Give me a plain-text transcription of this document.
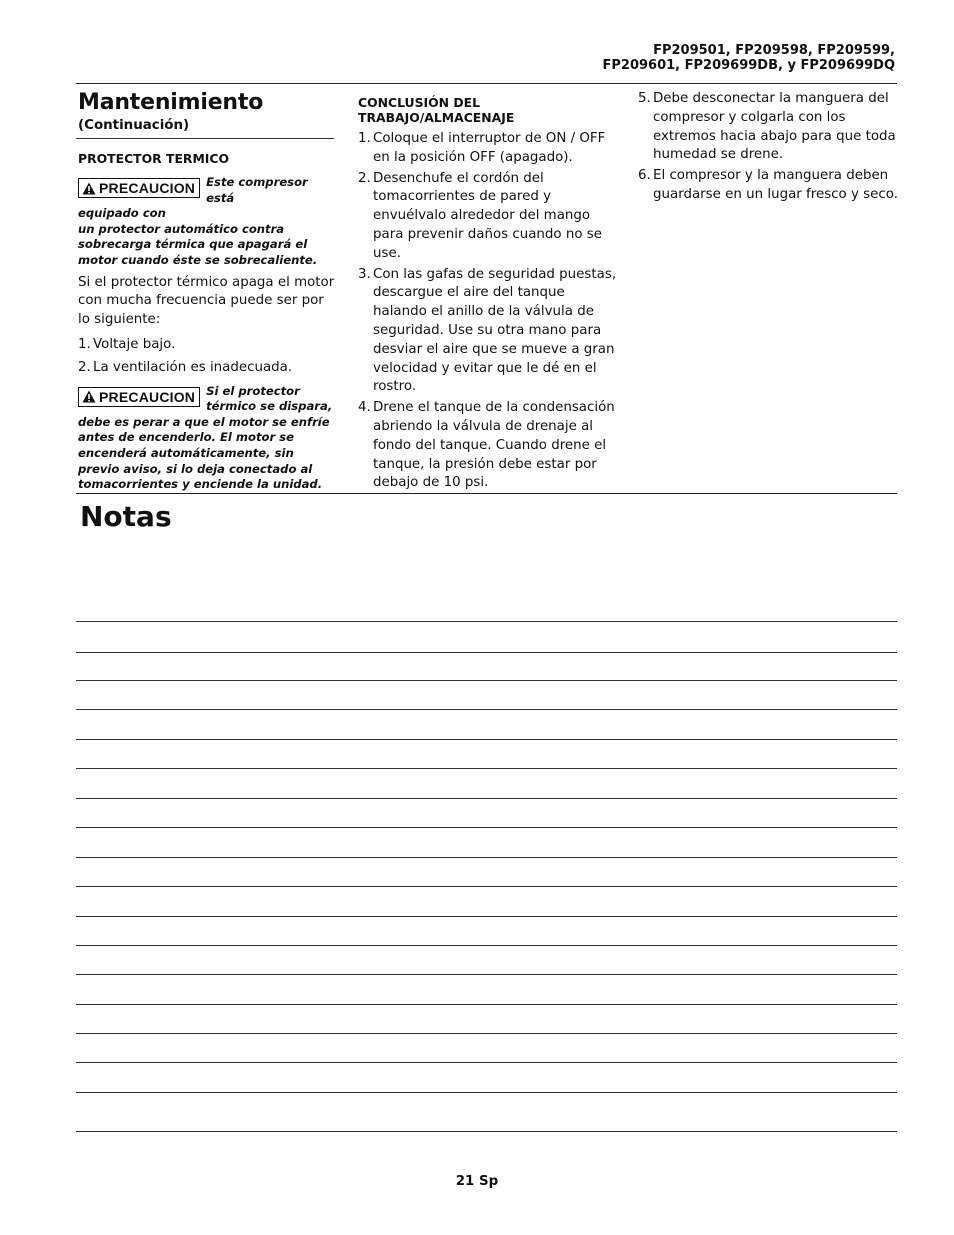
FP209501, FP209598, FP209599,
FP209601, FP209699DB, y FP209699DQ
Mantenimiento

(Continuación)

PROTECTOR TERMICO

PRECAUCION Este compresor está
equipado con
un protector automático contra sobrecarga térmica que apagará el motor cuando éste se sobrecaliente.

Si el protector térmico apaga el motor con mucha frecuencia puede ser por lo siguiente:

1. Voltaje bajo.
2. La ventilación es inadecuada.
PRECAUCION Si el protector
térmico se dispara,
debe es perar a que el motor se enfríe antes de encenderlo. El motor se encenderá automáticamente, sin previo aviso, si lo deja conectado al tomacorrientes y enciende la unidad.

CONCLUSIÓN DEL

TRABAJO/ALMACENAJE

1. Coloque el interruptor de ON / OFF en la posición OFF (apagado).
2. Desenchufe el cordón del tomacorrientes de pared y envuélvalo alrededor del mango para prevenir daños cuando no se use.
3. Con las gafas de seguridad puestas, descargue el aire del tanque halando el anillo de la válvula de seguridad. Use su otra mano para desviar el aire que se mueve a gran velocidad y evitar que le dé en el rostro.
4. Drene el tanque de la condensación abriendo la válvula de drenaje al fondo del tanque. Cuando drene el tanque, la presión debe estar por debajo de 10 psi.
5. Debe desconectar la manguera del compresor y colgarla con los extremos hacia abajo para que toda humedad se drene.
6. El compresor y la manguera deben guardarse en un lugar fresco y seco.
Notas
21 Sp
